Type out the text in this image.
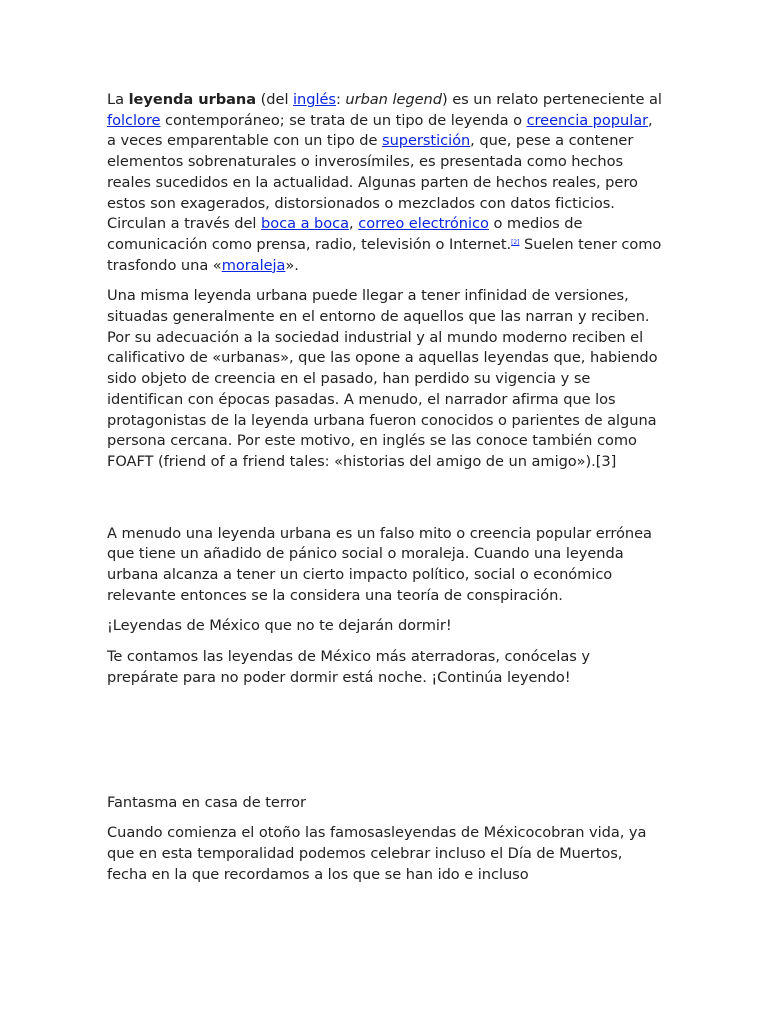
La leyenda urbana (del inglés: urban legend) es un relato perteneciente al folclore contemporáneo; se trata de un tipo de leyenda o creencia popular, a veces emparentable con un tipo de superstición, que, pese a contener elementos sobrenaturales o inverosímiles, es presentada como hechos reales sucedidos en la actualidad. Algunas parten de hechos reales, pero estos son exagerados, distorsionados o mezclados con datos ficticios. Circulan a través del boca a boca, correo electrónico o medios de comunicación como prensa, radio, televisión o Internet.[2] Suelen tener como trasfondo una «moraleja».

Una misma leyenda urbana puede llegar a tener infinidad de versiones, situadas generalmente en el entorno de aquellos que las narran y reciben. Por su adecuación a la sociedad industrial y al mundo moderno reciben el calificativo de «urbanas», que las opone a aquellas leyendas que, habiendo sido objeto de creencia en el pasado, han perdido su vigencia y se identifican con épocas pasadas. A menudo, el narrador afirma que los protagonistas de la leyenda urbana fueron conocidos o parientes de alguna persona cercana. Por este motivo, en inglés se las conoce también como FOAFT (friend of a friend tales: «historias del amigo de un amigo»).[3]

A menudo una leyenda urbana es un falso mito o creencia popular errónea que tiene un añadido de pánico social o moraleja. Cuando una leyenda urbana alcanza a tener un cierto impacto político, social o económico relevante entonces se la considera una teoría de conspiración.

¡Leyendas de México que no te dejarán dormir!

Te contamos las leyendas de México más aterradoras, conócelas y prepárate para no poder dormir está noche. ¡Continúa leyendo!

Fantasma en casa de terror

Cuando comienza el otoño las famosasleyendas de Méxicocobran vida, ya que en esta temporalidad podemos celebrar incluso el Día de Muertos, fecha en la que recordamos a los que se han ido e incluso
